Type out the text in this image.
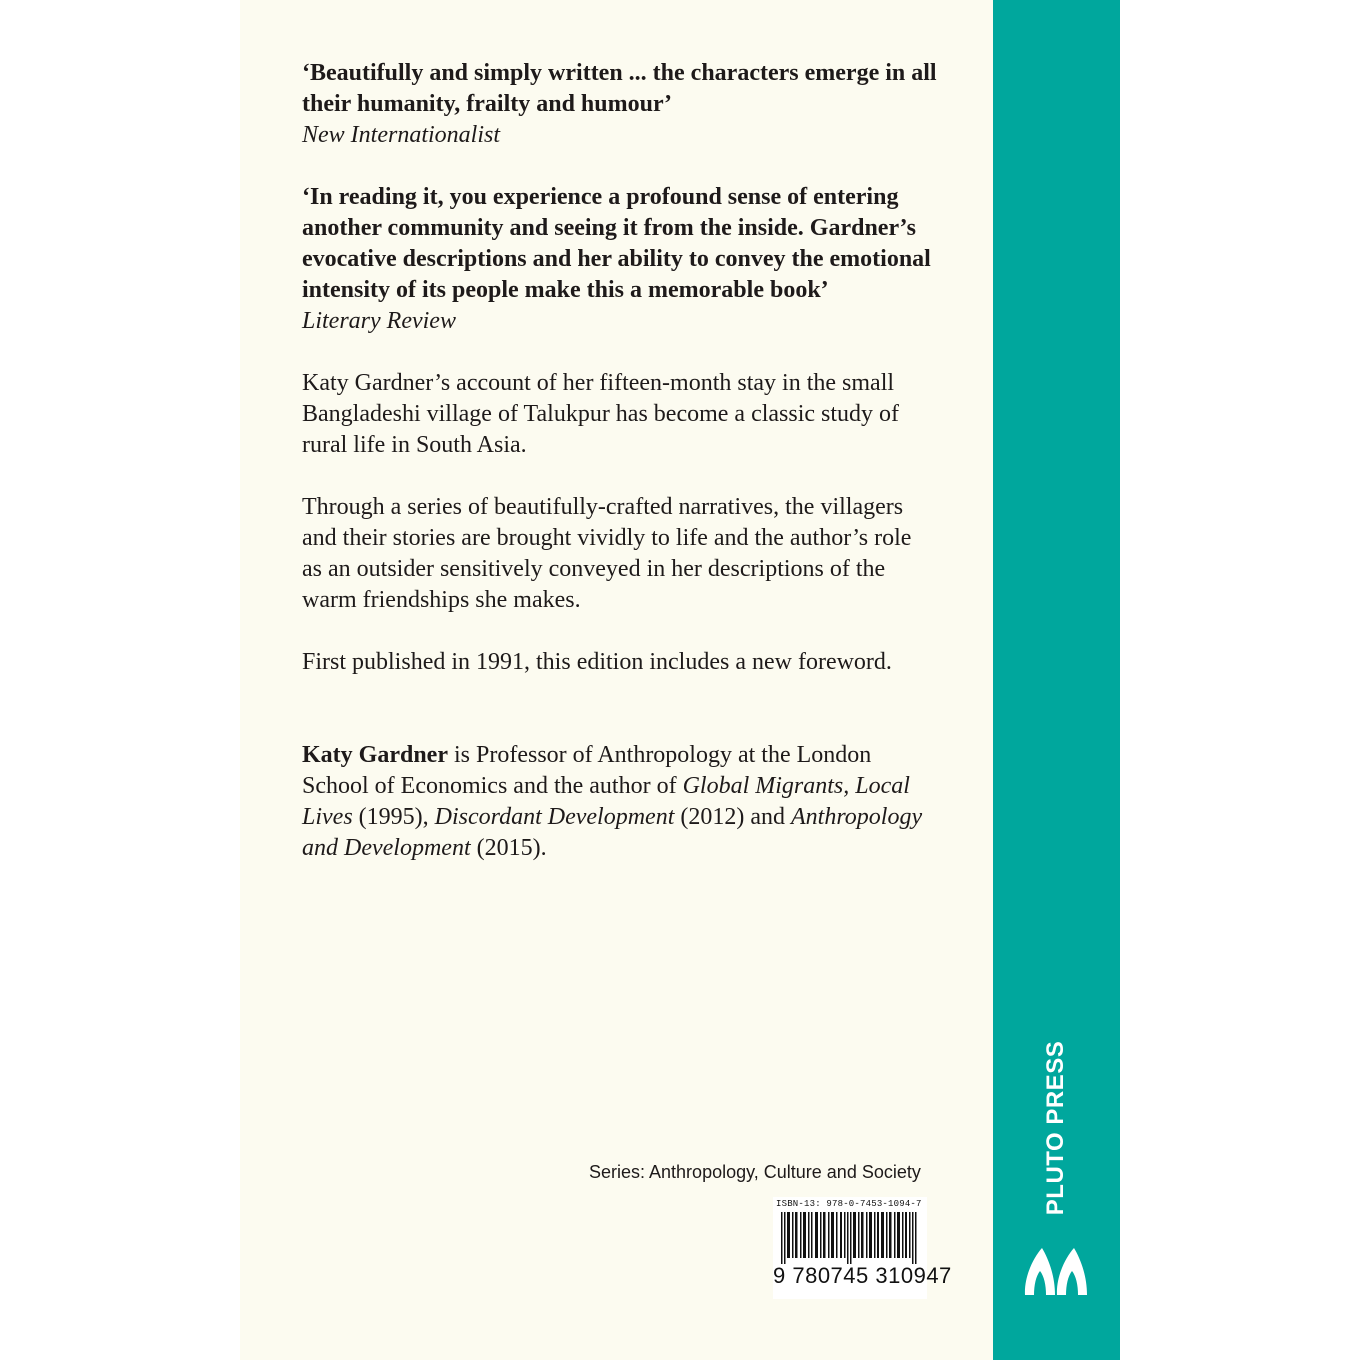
‘Beautifully and simply written ... the characters emerge in all

their humanity, frailty and humour’

New Internationalist

‘In reading it, you experience a profound sense of entering

another community and seeing it from the inside. Gardner’s

evocative descriptions and her ability to convey the emotional

intensity of its people make this a memorable book’

Literary Review

Katy Gardner’s account of her fifteen-month stay in the small
Bangladeshi village of Talukpur has become a classic study of
rural life in South Asia.
Through a series of beautifully-crafted narratives, the villagers
and their stories are brought vividly to life and the author’s role
as an outsider sensitively conveyed in her descriptions of the
warm friendships she makes.
First published in 1991, this edition includes a new foreword.
Katy Gardner is Professor of Anthropology at the London
School of Economics and the author of Global Migrants, Local
Lives (1995), Discordant Development (2012) and Anthropology
and Development (2015).
Series: Anthropology, Culture and Society
ISBN-13: 978-0-7453-1094-7
9 780745 310947
PLUTO PRESS
